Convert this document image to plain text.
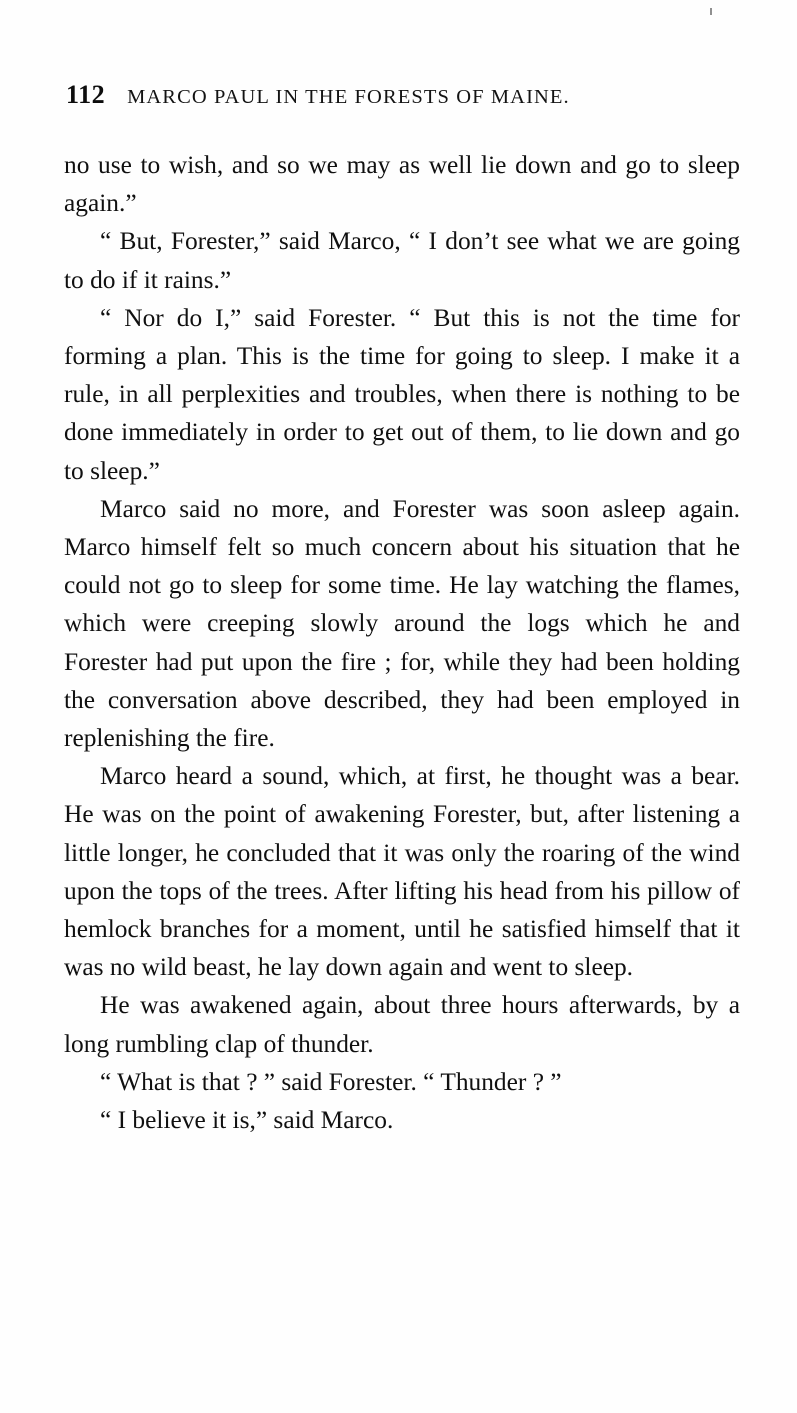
112 MARCO PAUL IN THE FORESTS OF MAINE.

no use to wish, and so we may as well lie down and go to sleep again.”

“ But, Forester,” said Marco, “ I don’t see what we are going to do if it rains.”

“ Nor do I,” said Forester. “ But this is not the time for forming a plan. This is the time for going to sleep. I make it a rule, in all perplexities and troubles, when there is nothing to be done immediately in order to get out of them, to lie down and go to sleep.”

Marco said no more, and Forester was soon asleep again. Marco himself felt so much concern about his situation that he could not go to sleep for some time. He lay watching the flames, which were creeping slowly around the logs which he and Forester had put upon the fire ; for, while they had been holding the conversation above described, they had been employed in replenishing the fire.

Marco heard a sound, which, at first, he thought was a bear. He was on the point of awakening Forester, but, after listening a little longer, he concluded that it was only the roaring of the wind upon the tops of the trees. After lifting his head from his pillow of hemlock branches for a moment, until he satisfied himself that it was no wild beast, he lay down again and went to sleep.

He was awakened again, about three hours afterwards, by a long rumbling clap of thunder.

“ What is that ? ” said Forester. “ Thunder ? ”

“ I believe it is,” said Marco.
